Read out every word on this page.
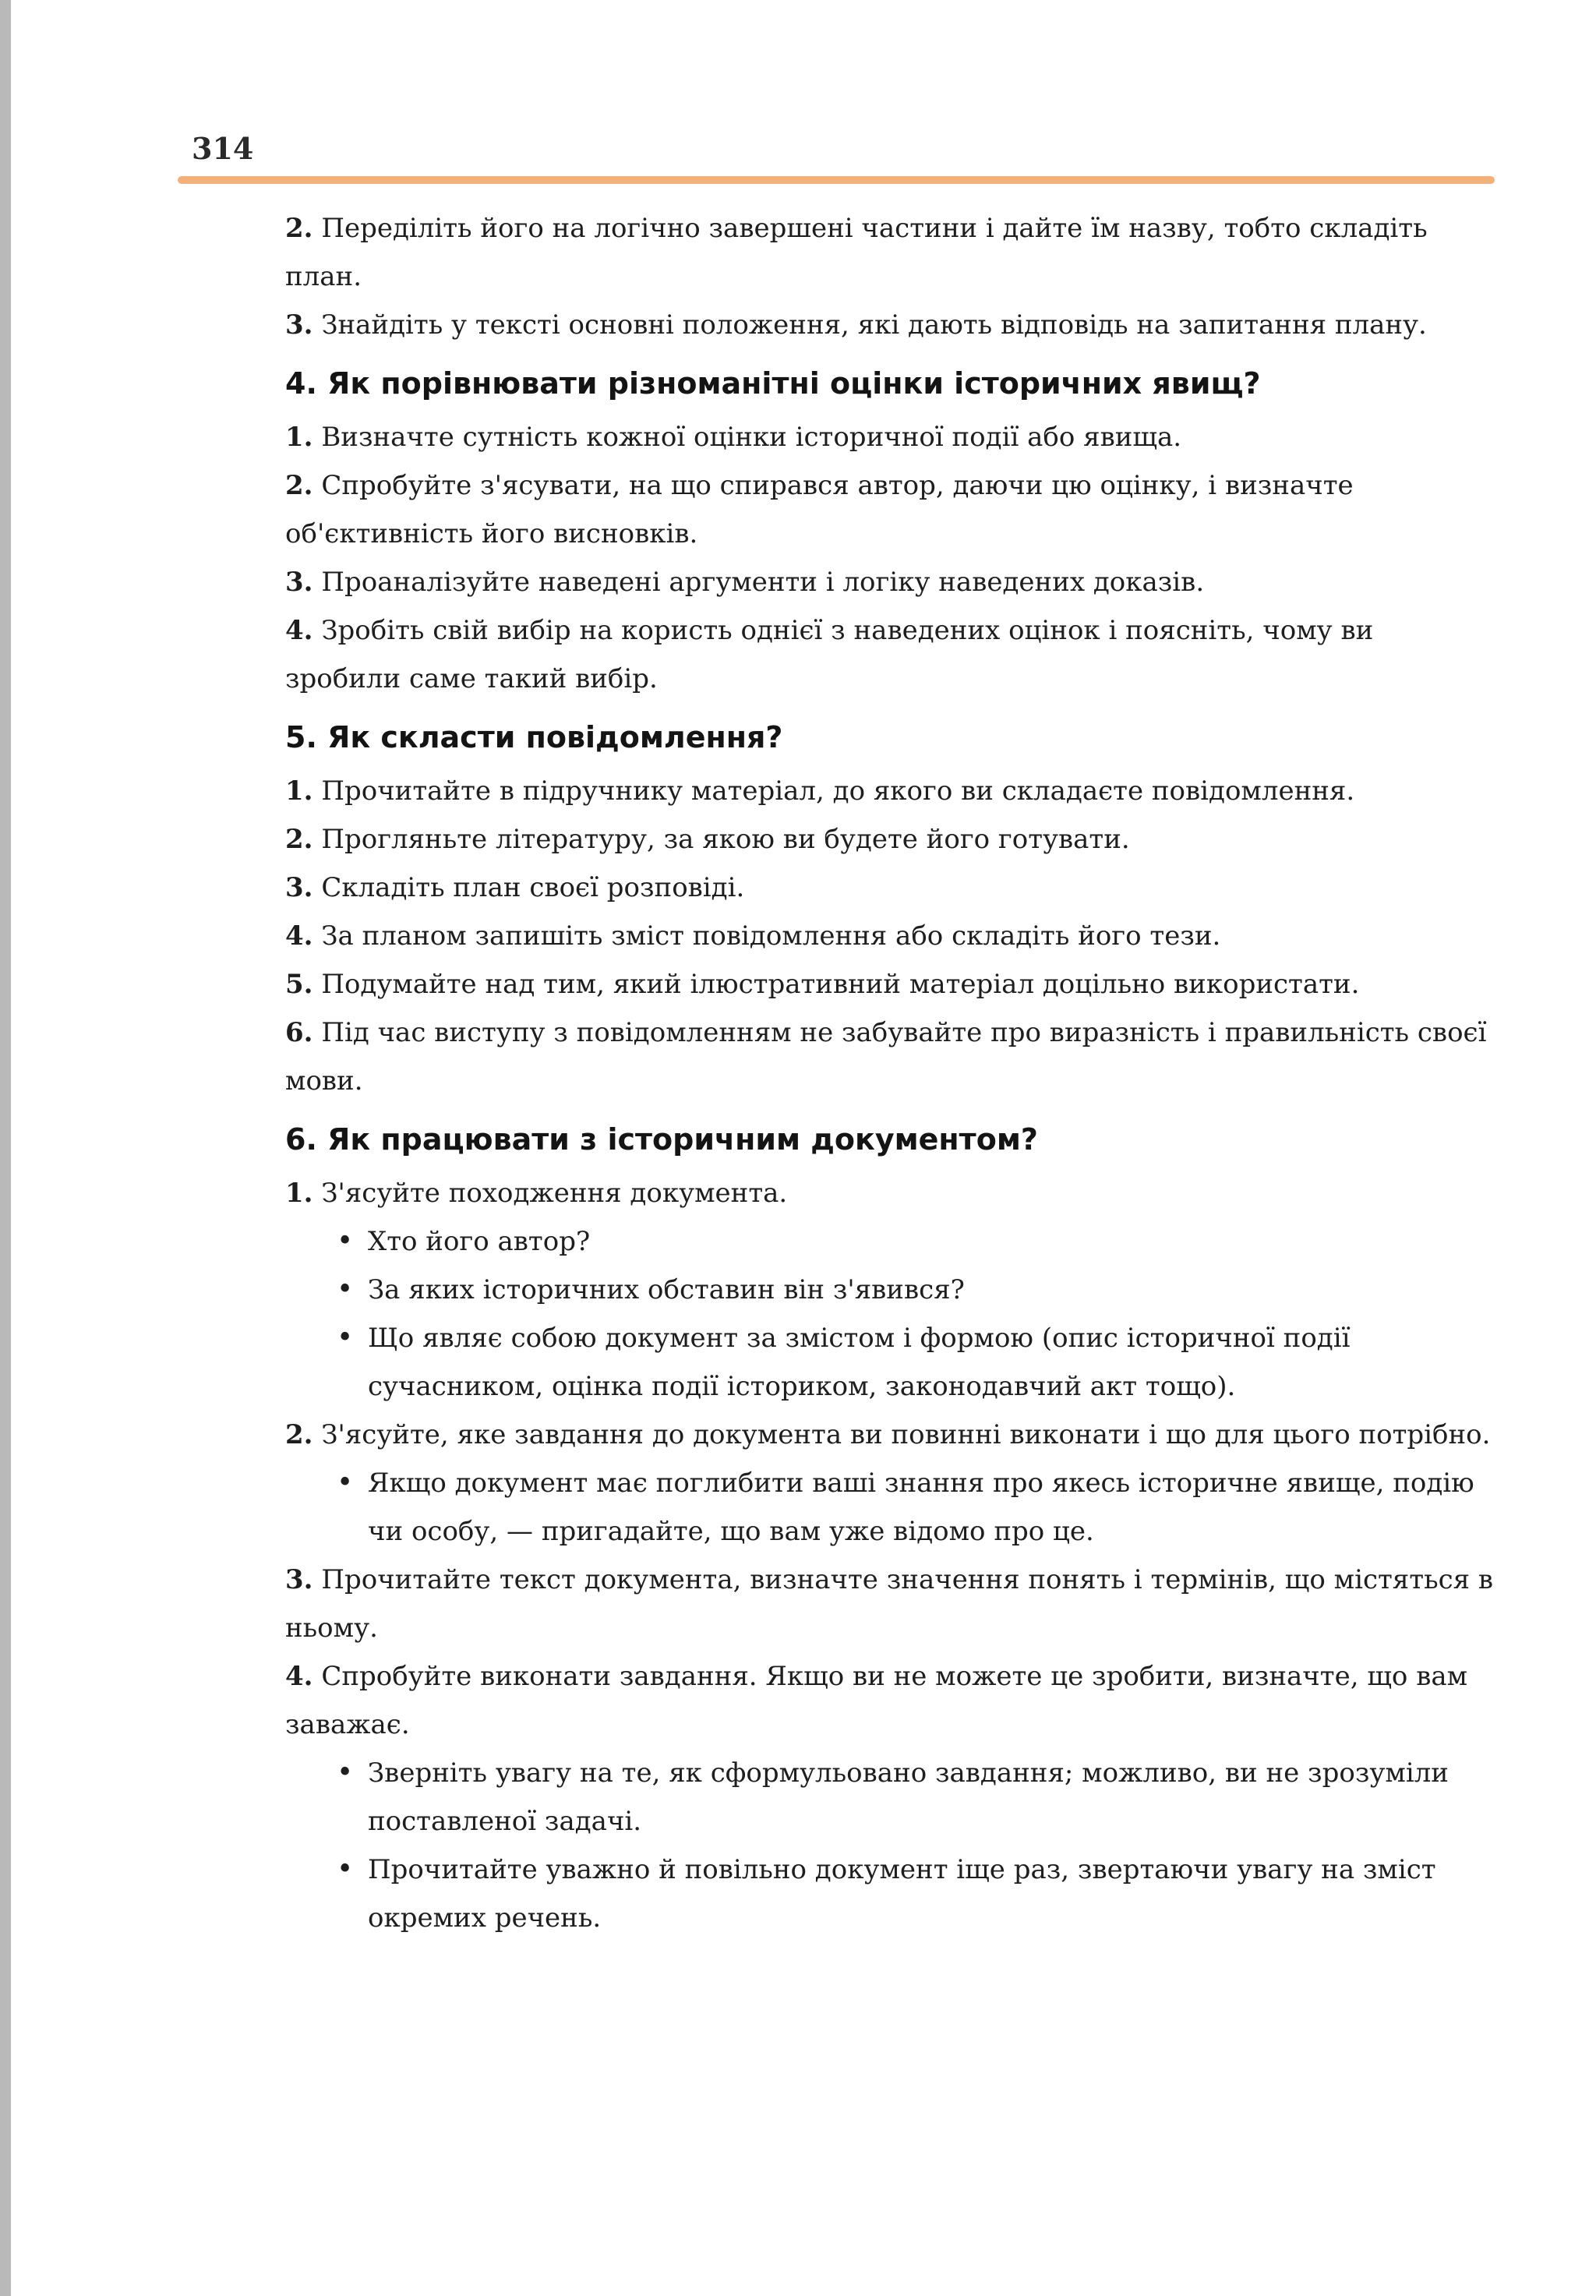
314

2. Переділіть його на логічно завершені частини і дайте їм назву, тобто складіть план.

3. Знайдіть у тексті основні положення, які дають відповідь на запитання плану.

4. Як порівнювати різноманітні оцінки історичних явищ?

1. Визначте сутність кожної оцінки історичної події або явища.

2. Спробуйте з'ясувати, на що спирався автор, даючи цю оцінку, і визначте об'єктивність його висновків.

3. Проаналізуйте наведені аргументи і логіку наведених доказів.

4. Зробіть свій вибір на користь однієї з наведених оцінок і поясніть, чому ви зробили саме такий вибір.

5. Як скласти повідомлення?

1. Прочитайте в підручнику матеріал, до якого ви складаєте повідомлення.

2. Прогляньте літературу, за якою ви будете його готувати.

3. Складіть план своєї розповіді.

4. За планом запишіть зміст повідомлення або складіть його тези.

5. Подумайте над тим, який ілюстративний матеріал доцільно використати.

6. Під час виступу з повідомленням не забувайте про виразність і правильність своєї мови.

6. Як працювати з історичним документом?

1. З'ясуйте походження документа.

• Хто його автор?
• За яких історичних обставин він з'явився?
• Що являє собою документ за змістом і формою (опис історичної події сучасником, оцінка події істориком, законодавчий акт тощо).

2. З'ясуйте, яке завдання до документа ви повинні виконати і що для цього потрібно.

• Якщо документ має поглибити ваші знання про якесь історичне явище, подію чи особу, — пригадайте, що вам уже відомо про це.

3. Прочитайте текст документа, визначте значення понять і термінів, що містяться в ньому.

4. Спробуйте виконати завдання. Якщо ви не можете це зробити, визначте, що вам заважає.

• Зверніть увагу на те, як сформульовано завдання; можливо, ви не зрозуміли поставленої задачі.
• Прочитайте уважно й повільно документ іще раз, звертаючи увагу на зміст окремих речень.
